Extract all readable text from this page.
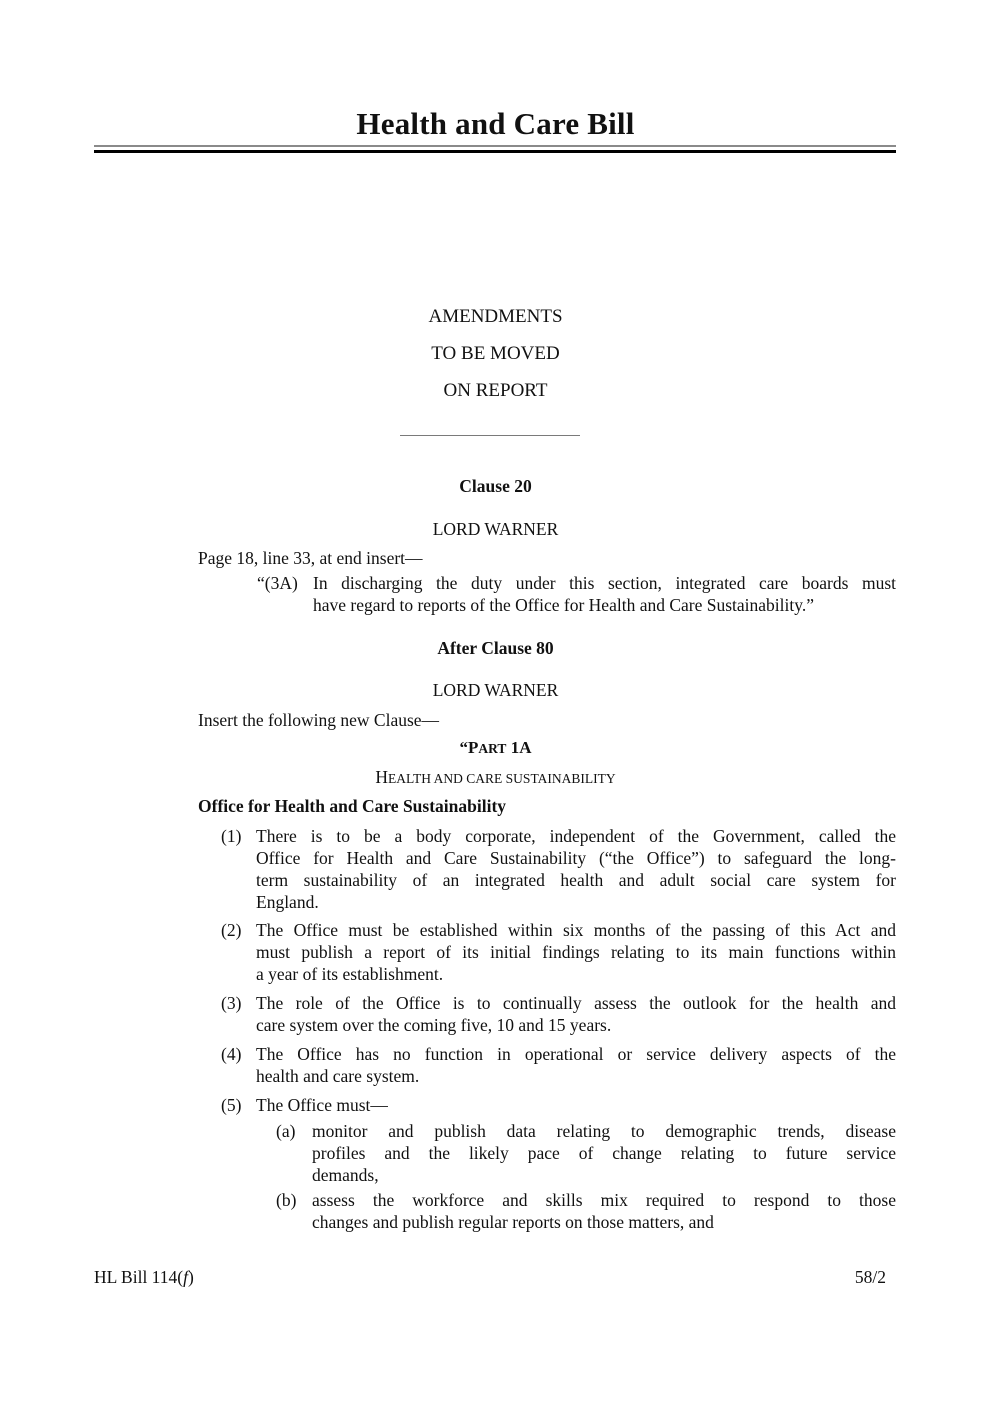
Health and Care Bill
AMENDMENTS
TO BE MOVED
ON REPORT
Clause 20
LORD WARNER
Page 18, line 33, at end insert—
“(3A) In discharging the duty under this section, integrated care boards must
have regard to reports of the Office for Health and Care Sustainability.”
After Clause 80
LORD WARNER
Insert the following new Clause—
“PART 1A
HEALTH AND CARE SUSTAINABILITY
Office for Health and Care Sustainability
(1) There is to be a body corporate, independent of the Government, called the
Office for Health and Care Sustainability (“the Office”) to safeguard the long-
term sustainability of an integrated health and adult social care system for
England.
(2) The Office must be established within six months of the passing of this Act and
must publish a report of its initial findings relating to its main functions within
a year of its establishment.
(3) The role of the Office is to continually assess the outlook for the health and
care system over the coming five, 10 and 15 years.
(4) The Office has no function in operational or service delivery aspects of the
health and care system.
(5) The Office must—
(a) monitor and publish data relating to demographic trends, disease
profiles and the likely pace of change relating to future service
demands,
(b) assess the workforce and skills mix required to respond to those
changes and publish regular reports on those matters, and
HL Bill 114(f)	58/2
